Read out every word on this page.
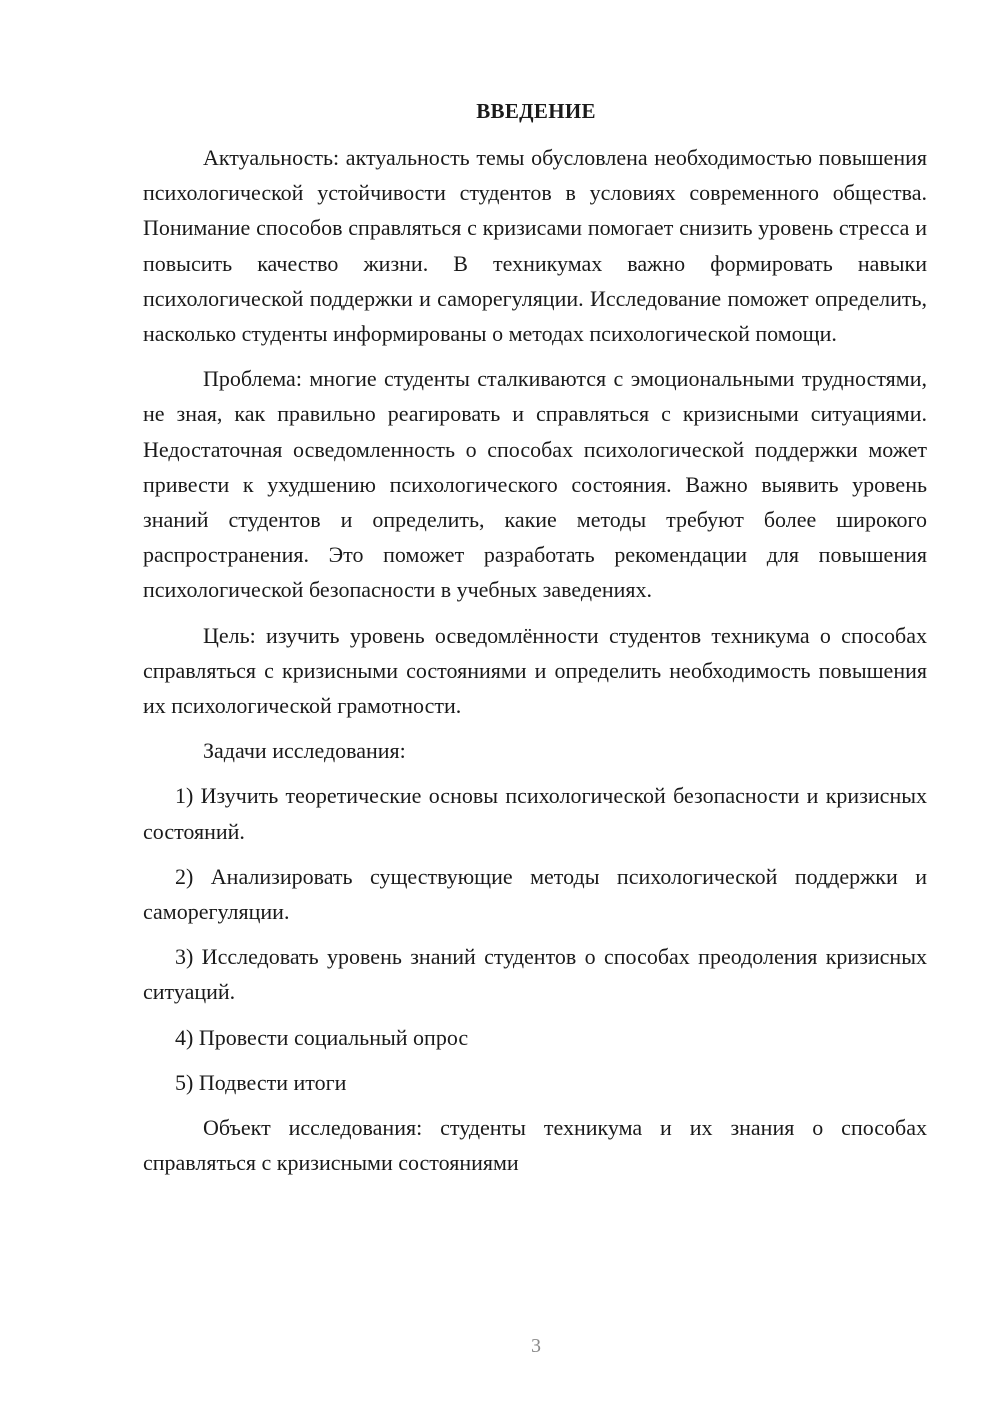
ВВЕДЕНИЕ

Актуальность: актуальность темы обусловлена необходимостью повышения психологической устойчивости студентов в условиях современного общества. Понимание способов справляться с кризисами помогает снизить уровень стресса и повысить качество жизни. В техникумах важно формировать навыки психологической поддержки и саморегуляции. Исследование поможет определить, насколько студенты информированы о методах психологической помощи.

Проблема: многие студенты сталкиваются с эмоциональными трудностями, не зная, как правильно реагировать и справляться с кризисными ситуациями. Недостаточная осведомленность о способах психологической поддержки может привести к ухудшению психологического состояния. Важно выявить уровень знаний студентов и определить, какие методы требуют более широкого распространения. Это поможет разработать рекомендации для повышения психологической безопасности в учебных заведениях.

Цель: изучить уровень осведомлённости студентов техникума о способах справляться с кризисными состояниями и определить необходимость повышения их психологической грамотности.

Задачи исследования:

1) Изучить теоретические основы психологической безопасности и кризисных состояний.

2) Анализировать существующие методы психологической поддержки и саморегуляции.

3) Исследовать уровень знаний студентов о способах преодоления кризисных ситуаций.

4) Провести социальный опрос

5) Подвести итоги

Объект исследования: студенты техникума и их знания о способах справляться с кризисными состояниями

3
